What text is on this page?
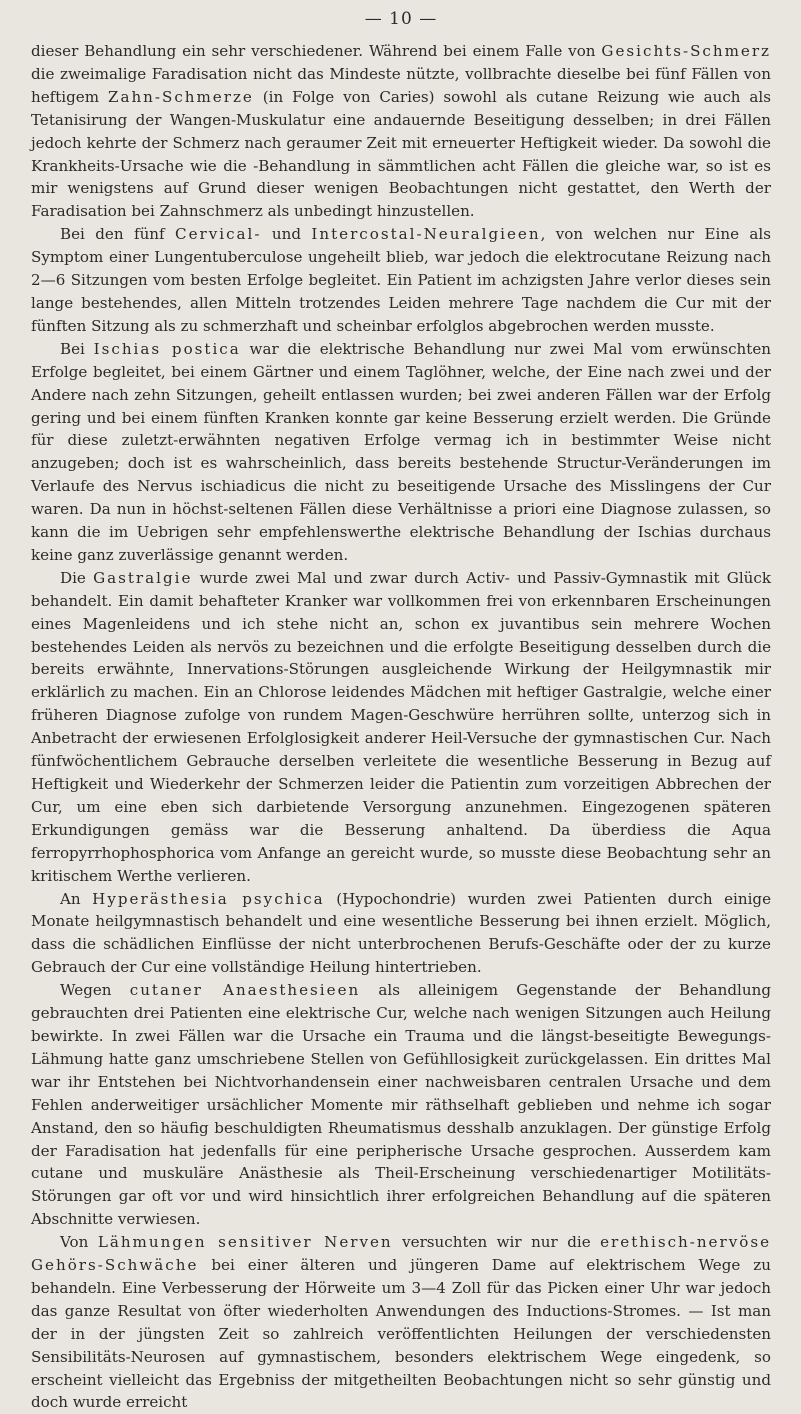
— 10 —

dieser Behandlung ein sehr verschiedener. Während bei einem Falle von Gesichts-Schmerz die zweimalige Faradisation nicht das Mindeste nützte, vollbrachte dieselbe bei fünf Fällen von heftigem Zahn-Schmerze (in Folge von Caries) sowohl als cutane Reizung wie auch als Tetanisirung der Wangen-Muskulatur eine andauernde Beseitigung desselben; in drei Fällen jedoch kehrte der Schmerz nach geraumer Zeit mit erneuerter Heftigkeit wieder. Da sowohl die Krankheits-Ursache wie die -Behandlung in sämmtlichen acht Fällen die gleiche war, so ist es mir wenigstens auf Grund dieser wenigen Beobachtungen nicht gestattet, den Werth der Faradisation bei Zahnschmerz als unbedingt hinzustellen.

Bei den fünf Cervical- und Intercostal-Neuralgieen, von welchen nur Eine als Symptom einer Lungentuberculose ungeheilt blieb, war jedoch die elektrocutane Reizung nach 2—6 Sitzungen vom besten Erfolge begleitet. Ein Patient im achzigsten Jahre verlor dieses sein lange bestehendes, allen Mitteln trotzendes Leiden mehrere Tage nachdem die Cur mit der fünften Sitzung als zu schmerzhaft und scheinbar erfolglos abgebrochen werden musste.

Bei Ischias postica war die elektrische Behandlung nur zwei Mal vom erwünschten Erfolge begleitet, bei einem Gärtner und einem Taglöhner, welche, der Eine nach zwei und der Andere nach zehn Sitzungen, geheilt entlassen wurden; bei zwei anderen Fällen war der Erfolg gering und bei einem fünften Kranken konnte gar keine Besserung erzielt werden. Die Gründe für diese zuletzt-erwähnten negativen Erfolge vermag ich in bestimmter Weise nicht anzugeben; doch ist es wahrscheinlich, dass bereits bestehende Structur-Veränderungen im Verlaufe des Nervus ischiadicus die nicht zu beseitigende Ursache des Misslingens der Cur waren. Da nun in höchst-seltenen Fällen diese Verhältnisse a priori eine Diagnose zulassen, so kann die im Uebrigen sehr empfehlenswerthe elektrische Behandlung der Ischias durchaus keine ganz zuverlässige genannt werden.

Die Gastralgie wurde zwei Mal und zwar durch Activ- und Passiv-Gymnastik mit Glück behandelt. Ein damit behafteter Kranker war vollkommen frei von erkennbaren Erscheinungen eines Magenleidens und ich stehe nicht an, schon ex juvantibus sein mehrere Wochen bestehendes Leiden als nervös zu bezeichnen und die erfolgte Beseitigung desselben durch die bereits erwähnte, Innervations-Störungen ausgleichende Wirkung der Heilgymnastik mir erklärlich zu machen. Ein an Chlorose leidendes Mädchen mit heftiger Gastralgie, welche einer früheren Diagnose zufolge von rundem Magen-Geschwüre herrühren sollte, unterzog sich in Anbetracht der erwiesenen Erfolglosigkeit anderer Heil-Versuche der gymnastischen Cur. Nach fünfwöchentlichem Gebrauche derselben verleitete die wesentliche Besserung in Bezug auf Heftigkeit und Wiederkehr der Schmerzen leider die Patientin zum vorzeitigen Abbrechen der Cur, um eine eben sich darbietende Versorgung anzunehmen. Eingezogenen späteren Erkundigungen gemäss war die Besserung anhaltend. Da überdiess die Aqua ferropyrrhophosphorica vom Anfange an gereicht wurde, so musste diese Beobachtung sehr an kritischem Werthe verlieren.

An Hyperästhesia psychica (Hypochondrie) wurden zwei Patienten durch einige Monate heilgymnastisch behandelt und eine wesentliche Besserung bei ihnen erzielt. Möglich, dass die schädlichen Einflüsse der nicht unterbrochenen Berufs-Geschäfte oder der zu kurze Gebrauch der Cur eine vollständige Heilung hintertrieben.

Wegen cutaner Anaesthesieen als alleinigem Gegenstande der Behandlung gebrauchten drei Patienten eine elektrische Cur, welche nach wenigen Sitzungen auch Heilung bewirkte. In zwei Fällen war die Ursache ein Trauma und die längst-beseitigte Bewegungs-Lähmung hatte ganz umschriebene Stellen von Gefühllosigkeit zurückgelassen. Ein drittes Mal war ihr Entstehen bei Nichtvorhandensein einer nachweisbaren centralen Ursache und dem Fehlen anderweitiger ursächlicher Momente mir räthselhaft geblieben und nehme ich sogar Anstand, den so häufig beschuldigten Rheumatismus desshalb anzuklagen. Der günstige Erfolg der Faradisation hat jedenfalls für eine peripherische Ursache gesprochen. Ausserdem kam cutane und muskuläre Anästhesie als Theil-Erscheinung verschiedenartiger Motilitäts-Störungen gar oft vor und wird hinsichtlich ihrer erfolgreichen Behandlung auf die späteren Abschnitte verwiesen.

Von Lähmungen sensitiver Nerven versuchten wir nur die erethisch-nervöse Gehörs-Schwäche bei einer älteren und jüngeren Dame auf elektrischem Wege zu behandeln. Eine Verbesserung der Hörweite um 3—4 Zoll für das Picken einer Uhr war jedoch das ganze Resultat von öfter wiederholten Anwendungen des Inductions-Stromes. — Ist man der in der jüngsten Zeit so zahlreich veröffentlichten Heilungen der verschiedensten Sensibilitäts-Neurosen auf gymnastischem, besonders elektrischem Wege eingedenk, so erscheint vielleicht das Ergebniss der mitgetheilten Beobachtungen nicht so sehr günstig und doch wurde erreicht
